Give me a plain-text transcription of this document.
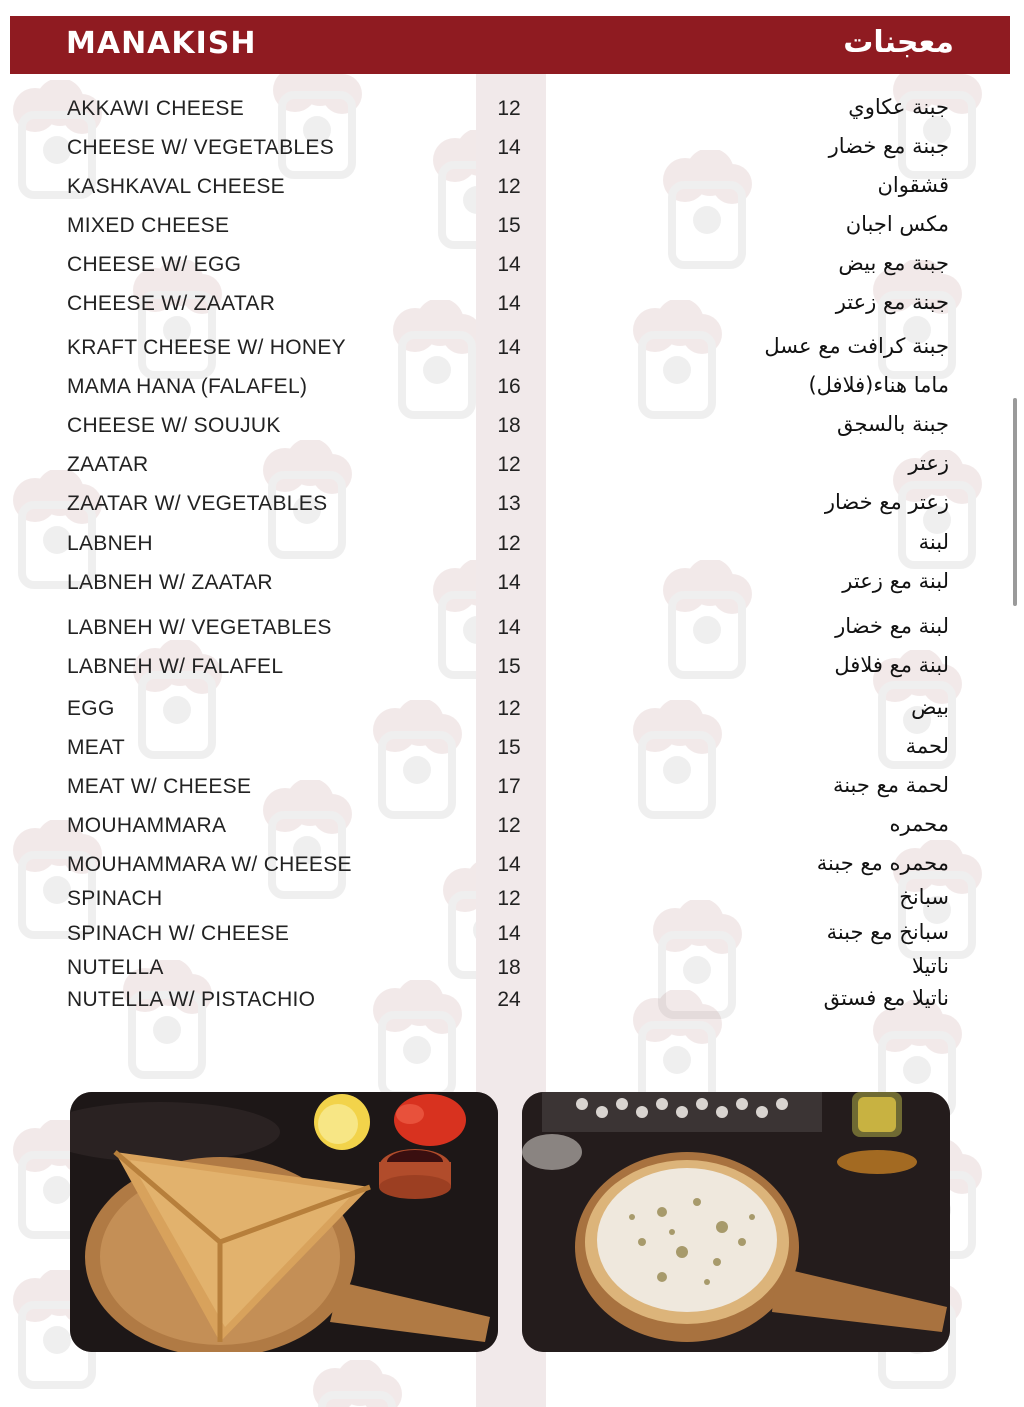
MANAKISH	معجنات
AKKAWI CHEESE	12	جبنة عكاوي
CHEESE W/ VEGETABLES	14	جبنة مع خضار
KASHKAVAL CHEESE	12	قشقوان
MIXED CHEESE	15	مكس اجبان
CHEESE W/ EGG	14	جبنة مع بيض
CHEESE W/ ZAATAR	14	جبنة مع زعتر
KRAFT CHEESE W/ HONEY	14	جبنة كرافت مع عسل
MAMA HANA (FALAFEL)	16	ماما هناء(فلافل)
CHEESE W/ SOUJUK	18	جبنة بالسجق
ZAATAR	12	زعتر
ZAATAR W/ VEGETABLES	13	زعتر مع خضار
LABNEH	12	لبنة
LABNEH W/ ZAATAR	14	لبنة مع زعتر
LABNEH W/ VEGETABLES	14	لبنة مع خضار
LABNEH W/ FALAFEL	15	لبنة مع فلافل
EGG	12	بيض
MEAT	15	لحمة
MEAT W/ CHEESE	17	لحمة مع جبنة
MOUHAMMARA	12	محمره
MOUHAMMARA W/ CHEESE	14	محمره مع جبنة
SPINACH	12	سبانخ
SPINACH W/ CHEESE	14	سبانخ مع جبنة
NUTELLA	18	ناتيلا
NUTELLA W/ PISTACHIO	24	ناتيلا مع فستق
